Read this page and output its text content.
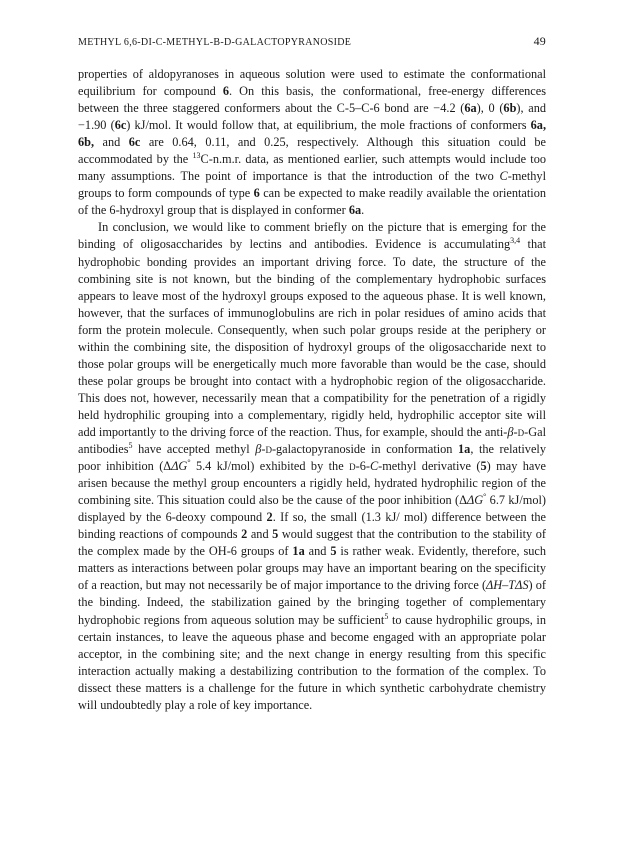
METHYL 6,6-DI-C-METHYL-Β-D-GALACTOPYRANOSIDE	49

properties of aldopyranoses in aqueous solution were used to estimate the conformational equilibrium for compound 6. On this basis, the conformational, free-energy differences between the three staggered conformers about the C-5–C-6 bond are −4.2 (6a), 0 (6b), and −1.90 (6c) kJ/mol. It would follow that, at equilibrium, the mole fractions of conformers 6a, 6b, and 6c are 0.64, 0.11, and 0.25, respectively. Although this situation could be accommodated by the $^{13}$C-n.m.r. data, as mentioned earlier, such attempts would include too many assumptions. The point of importance is that the introduction of the two C-methyl groups to form compounds of type 6 can be expected to make readily available the orientation of the 6-hydroxyl group that is displayed in conformer 6a.

In conclusion, we would like to comment briefly on the picture that is emerging for the binding of oligosaccharides by lectins and antibodies. Evidence is accumulating$^{3,4}$ that hydrophobic bonding provides an important driving force. To date, the structure of the combining site is not known, but the binding of the complementary hydrophobic surfaces appears to leave most of the hydroxyl groups exposed to the aqueous phase. It is well known, however, that the surfaces of immunoglobulins are rich in polar residues of amino acids that form the protein molecule. Consequently, when such polar groups reside at the periphery or within the combining site, the disposition of hydroxyl groups of the oligosaccharide next to those polar groups will be energetically much more favorable than would be the case, should these polar groups be brought into contact with a hydrophobic region of the oligosaccharide. This does not, however, necessarily mean that a compatibility for the penetration of a rigidly held hydrophilic grouping into a complementary, rigidly held, hydrophilic acceptor site will add importantly to the driving force of the reaction. Thus, for example, should the anti-β-d-Gal antibodies$^5$ have accepted methyl β-d-galactopyranoside in conformation 1a, the relatively poor inhibition (ΔΔG° 5.4 kJ/mol) exhibited by the d-6-C-methyl derivative (5) may have arisen because the methyl group encounters a rigidly held, hydrated hydrophilic region of the combining site. This situation could also be the cause of the poor inhibition (ΔΔG° 6.7 kJ/mol) displayed by the 6-deoxy compound 2. If so, the small (1.3 kJ/ mol) difference between the binding reactions of compounds 2 and 5 would suggest that the contribution to the stability of the complex made by the OH-6 groups of 1a and 5 is rather weak. Evidently, therefore, such matters as interactions between polar groups may have an important bearing on the specificity of a reaction, but may not necessarily be of major importance to the driving force (ΔH–TΔS) of the binding. Indeed, the stabilization gained by the bringing together of complementary hydrophobic regions from aqueous solution may be sufficient$^5$ to cause hydrophilic groups, in certain instances, to leave the aqueous phase and become engaged with an appropriate polar acceptor, in the combining site; and the next change in energy resulting from this specific interaction actually making a destabilizing contribution to the formation of the complex. To dissect these matters is a challenge for the future in which synthetic carbohydrate chemistry will undoubtedly play a role of key importance.
